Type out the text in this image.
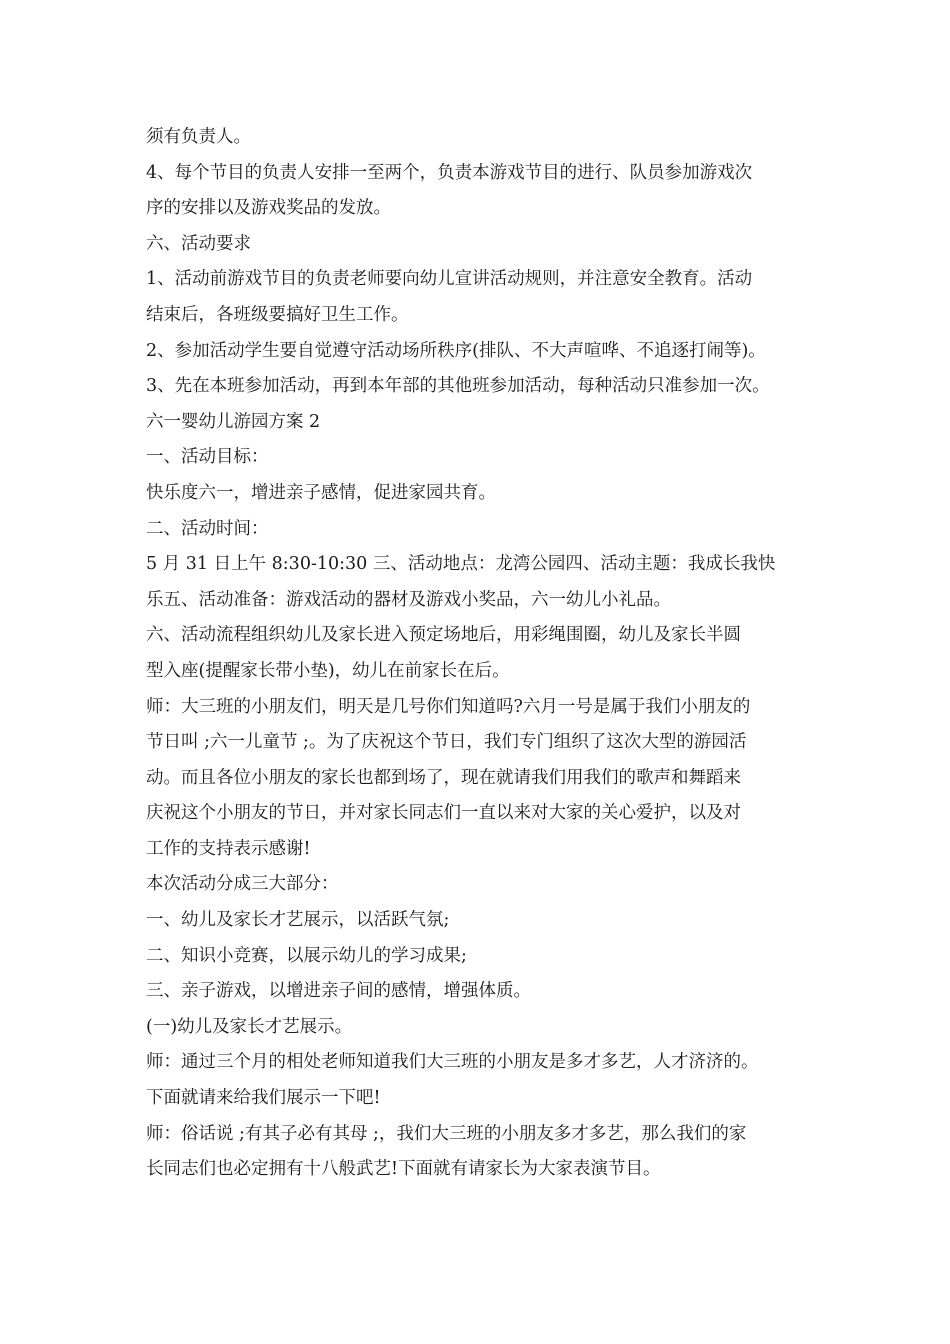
须有负责人。
4、每个节目的负责人安排一至两个，负责本游戏节目的进行、队员参加游戏次
序的安排以及游戏奖品的发放。
六、活动要求
1、活动前游戏节目的负责老师要向幼儿宣讲活动规则，并注意安全教育。活动
结束后，各班级要搞好卫生工作。
2、参加活动学生要自觉遵守活动场所秩序(排队、不大声喧哗、不追逐打闹等)。
3、先在本班参加活动，再到本年部的其他班参加活动，每种活动只准参加一次。
六一婴幼儿游园方案 2
一、活动目标：
快乐度六一，增进亲子感情，促进家园共育。
二、活动时间：
5 月 31 日上午 8:30-10:30 三、活动地点：龙湾公园四、活动主题：我成长我快
乐五、活动准备：游戏活动的器材及游戏小奖品，六一幼儿小礼品。
六、活动流程组织幼儿及家长进入预定场地后，用彩绳围圈，幼儿及家长半圆
型入座(提醒家长带小垫)，幼儿在前家长在后。
师：大三班的小朋友们，明天是几号你们知道吗?六月一号是属于我们小朋友的
节日叫 ;六一儿童节 ;。为了庆祝这个节日，我们专门组织了这次大型的游园活
动。而且各位小朋友的家长也都到场了，现在就请我们用我们的歌声和舞蹈来
庆祝这个小朋友的节日，并对家长同志们一直以来对大家的关心爱护，以及对
工作的支持表示感谢!
本次活动分成三大部分：
一、幼儿及家长才艺展示，以活跃气氛;
二、知识小竞赛，以展示幼儿的学习成果;
三、亲子游戏，以增进亲子间的感情，增强体质。
(一)幼儿及家长才艺展示。
师：通过三个月的相处老师知道我们大三班的小朋友是多才多艺，人才济济的。
下面就请来给我们展示一下吧!
师：俗话说 ;有其子必有其母 ;，我们大三班的小朋友多才多艺，那么我们的家
长同志们也必定拥有十八般武艺!下面就有请家长为大家表演节目。
